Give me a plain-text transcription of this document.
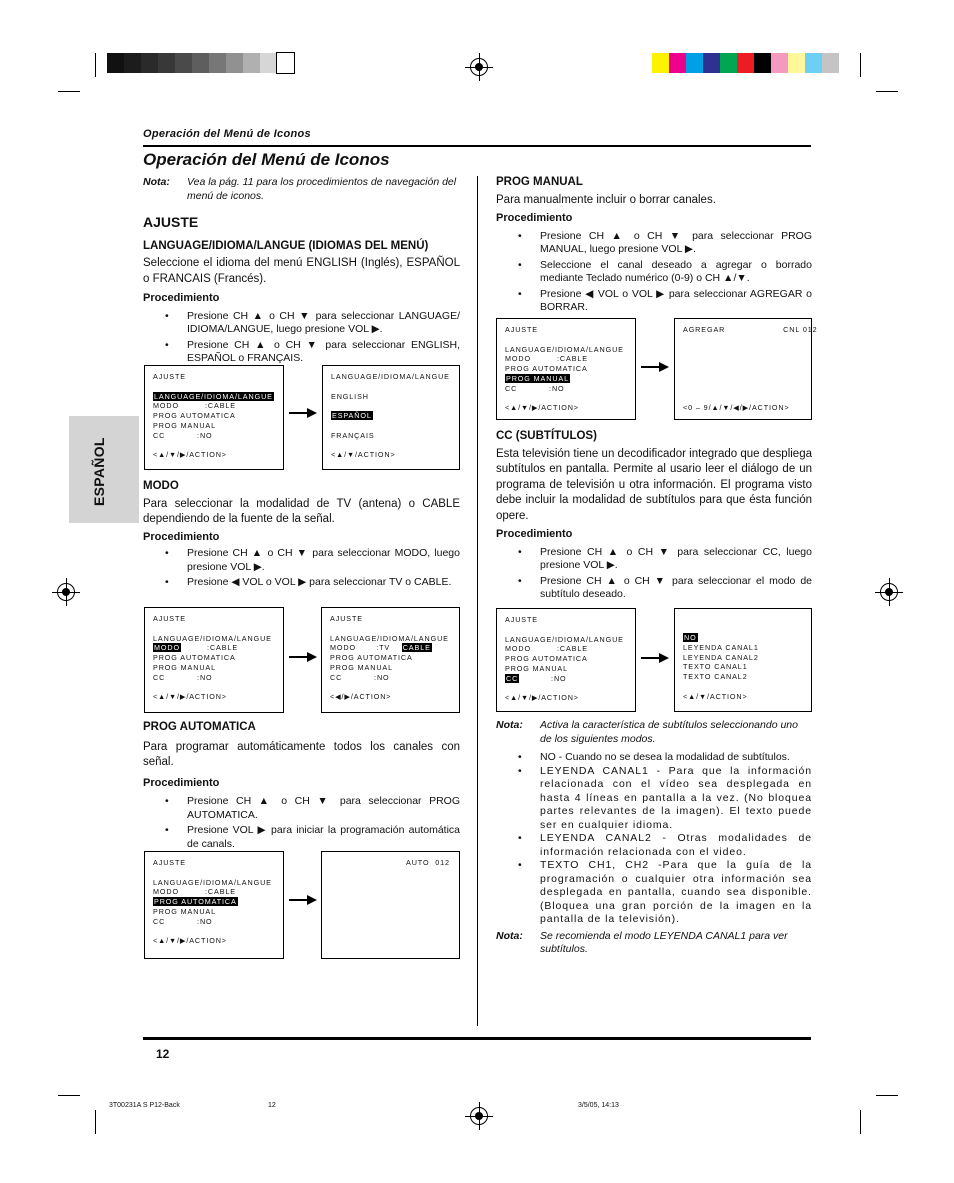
Operación del Menú de Iconos
Operación del Menú de Iconos
ESPAÑOL
Nota:	Vea la pág. 11 para los procedimientos de navegación del menú de iconos.
AJUSTE
LANGUAGE/IDIOMA/LANGUE (IDIOMAS DEL MENÚ)
Seleccione el idioma del menú ENGLISH (Inglés), ESPAÑOL o FRANCAIS (Francés).
Procedimiento
• Presione CH ▲ o CH ▼ para seleccionar LANGUAGE/ IDIOMA/LANGUE, luego presione VOL ▶.
• Presione CH ▲ o CH ▼ para seleccionar ENGLISH, ESPAÑOL o FRANÇAIS.
AJUSTE

LANGUAGE/IDIOMA/LANGUE
MODO         :CABLE
PROG AUTOMATICA
PROG MANUAL
CC           :NO

<▲/▼/▶/ACTION>
LANGUAGE/IDIOMA/LANGUE

ENGLISH

ESPAÑOL

FRANÇAIS

<▲/▼/ACTION>
MODO
Para seleccionar la modalidad de TV (antena) o CABLE dependiendo de la fuente de la señal.
Procedimiento
• Presione CH ▲ o CH ▼ para seleccionar MODO, luego presione VOL ▶.
• Presione ◀ VOL o VOL ▶ para seleccionar TV o CABLE.
AJUSTE

LANGUAGE/IDIOMA/LANGUE
MODO         :CABLE
PROG AUTOMATICA
PROG MANUAL
CC           :NO

<▲/▼/▶/ACTION>
AJUSTE

LANGUAGE/IDIOMA/LANGUE
MODO       :TV    CABLE
PROG AUTOMATICA
PROG MANUAL
CC           :NO

<◀/▶/ACTION>
PROG AUTOMATICA
Para programar automáticamente todos los canales con señal.
Procedimiento
• Presione CH ▲ o CH ▼ para seleccionar PROG AUTOMATICA.
• Presione VOL ▶ para iniciar la programación automática de canals.
AJUSTE

LANGUAGE/IDIOMA/LANGUE
MODO         :CABLE
PROG AUTOMATICA
PROG MANUAL
CC           :NO

<▲/▼/▶/ACTION>
AUTO  012
PROG MANUAL
Para manualmente incluir o borrar canales.
Procedimiento
• Presione CH ▲ o CH ▼ para seleccionar PROG MANUAL, luego presione VOL ▶.
• Seleccione el canal deseado a agregar o borrado mediante Teclado numérico (0-9) o CH ▲/▼.
• Presione ◀ VOL o VOL ▶ para seleccionar AGREGAR o BORRAR.
AJUSTE

LANGUAGE/IDIOMA/LANGUE
MODO         :CABLE
PROG AUTOMATICA
PROG MANUAL
CC           :NO

<▲/▼/▶/ACTION>
AGREGAR                    CNL 012

<0 – 9/▲/▼/◀/▶/ACTION>
CC (SUBTÍTULOS)
Esta televisión tiene un decodificador integrado que despliega subtítulos en pantalla. Permite al usario leer el diálogo de un programa de televisión u otra información. El programa visto debe incluir la modalidad de subtítulos para que ésta función opere.
Procedimiento
• Presione CH ▲ o CH ▼ para seleccionar CC, luego presione VOL ▶.
• Presione CH ▲ o CH ▼ para seleccionar el modo de subtítulo deseado.
AJUSTE

LANGUAGE/IDIOMA/LANGUE
MODO         :CABLE
PROG AUTOMATICA
PROG MANUAL
CC           :NO

<▲/▼/▶/ACTION>
NO
LEYENDA CANAL1
LEYENDA CANAL2
TEXTO CANAL1
TEXTO CANAL2

<▲/▼/ACTION>
Nota:	Activa la característica de subtítulos seleccionando uno de los siguientes modos.
• NO - Cuando no se desea la modalidad de subtítulos.
• LEYENDA CANAL1 - Para que la información relacionada con el vídeo sea desplegada en hasta 4 líneas en pantalla a la vez. (No bloquea partes relevantes de la imagen). El texto puede ser en cualquier idioma.
• LEYENDA CANAL2 - Otras modalidades de información relacionada con el video.
• TEXTO CH1, CH2 -Para que la guía de la programación o cualquier otra información sea desplegada en pantalla, cuando sea disponible. (Bloquea una gran porción de la imagen en la pantalla de la televisión).
Nota:	Se recomienda el modo LEYENDA CANAL1 para ver subtítulos.
12
3T00231A S P12-Back	12	3/5/05, 14:13
